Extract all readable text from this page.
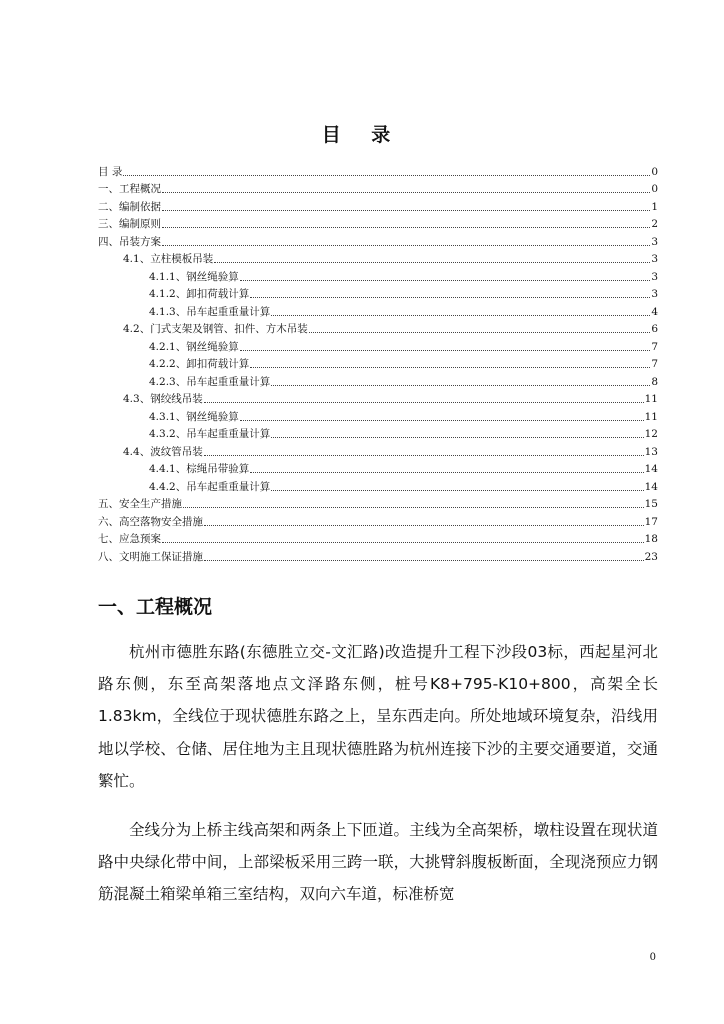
目 录
目 录	0
一、工程概况	0
二、编制依据	1
三、编制原则	2
四、吊装方案	3
4.1、立柱模板吊装	3
4.1.1、钢丝绳验算	3
4.1.2、卸扣荷载计算	3
4.1.3、吊车起重重量计算	4
4.2、门式支架及钢管、扣件、方木吊装	6
4.2.1、钢丝绳验算	7
4.2.2、卸扣荷载计算	7
4.2.3、吊车起重重量计算	8
4.3、钢绞线吊装	11
4.3.1、钢丝绳验算	11
4.3.2、吊车起重重量计算	12
4.4、波纹管吊装	13
4.4.1、棕绳吊带验算	14
4.4.2、吊车起重重量计算	14
五、安全生产措施	15
六、高空落物安全措施	17
七、应急预案	18
八、文明施工保证措施	23
一、工程概况

杭州市德胜东路(东德胜立交-文汇路)改造提升工程下沙段03标，西起星河北路东侧，东至高架落地点文泽路东侧，桩号K8+795-K10+800，高架全长1.83km，全线位于现状德胜东路之上，呈东西走向。所处地域环境复杂，沿线用地以学校、仓储、居住地为主且现状德胜路为杭州连接下沙的主要交通要道，交通繁忙。

全线分为上桥主线高架和两条上下匝道。主线为全高架桥，墩柱设置在现状道路中央绿化带中间，上部梁板采用三跨一联，大挑臂斜腹板断面，全现浇预应力钢筋混凝土箱梁单箱三室结构，双向六车道，标准桥宽

0
